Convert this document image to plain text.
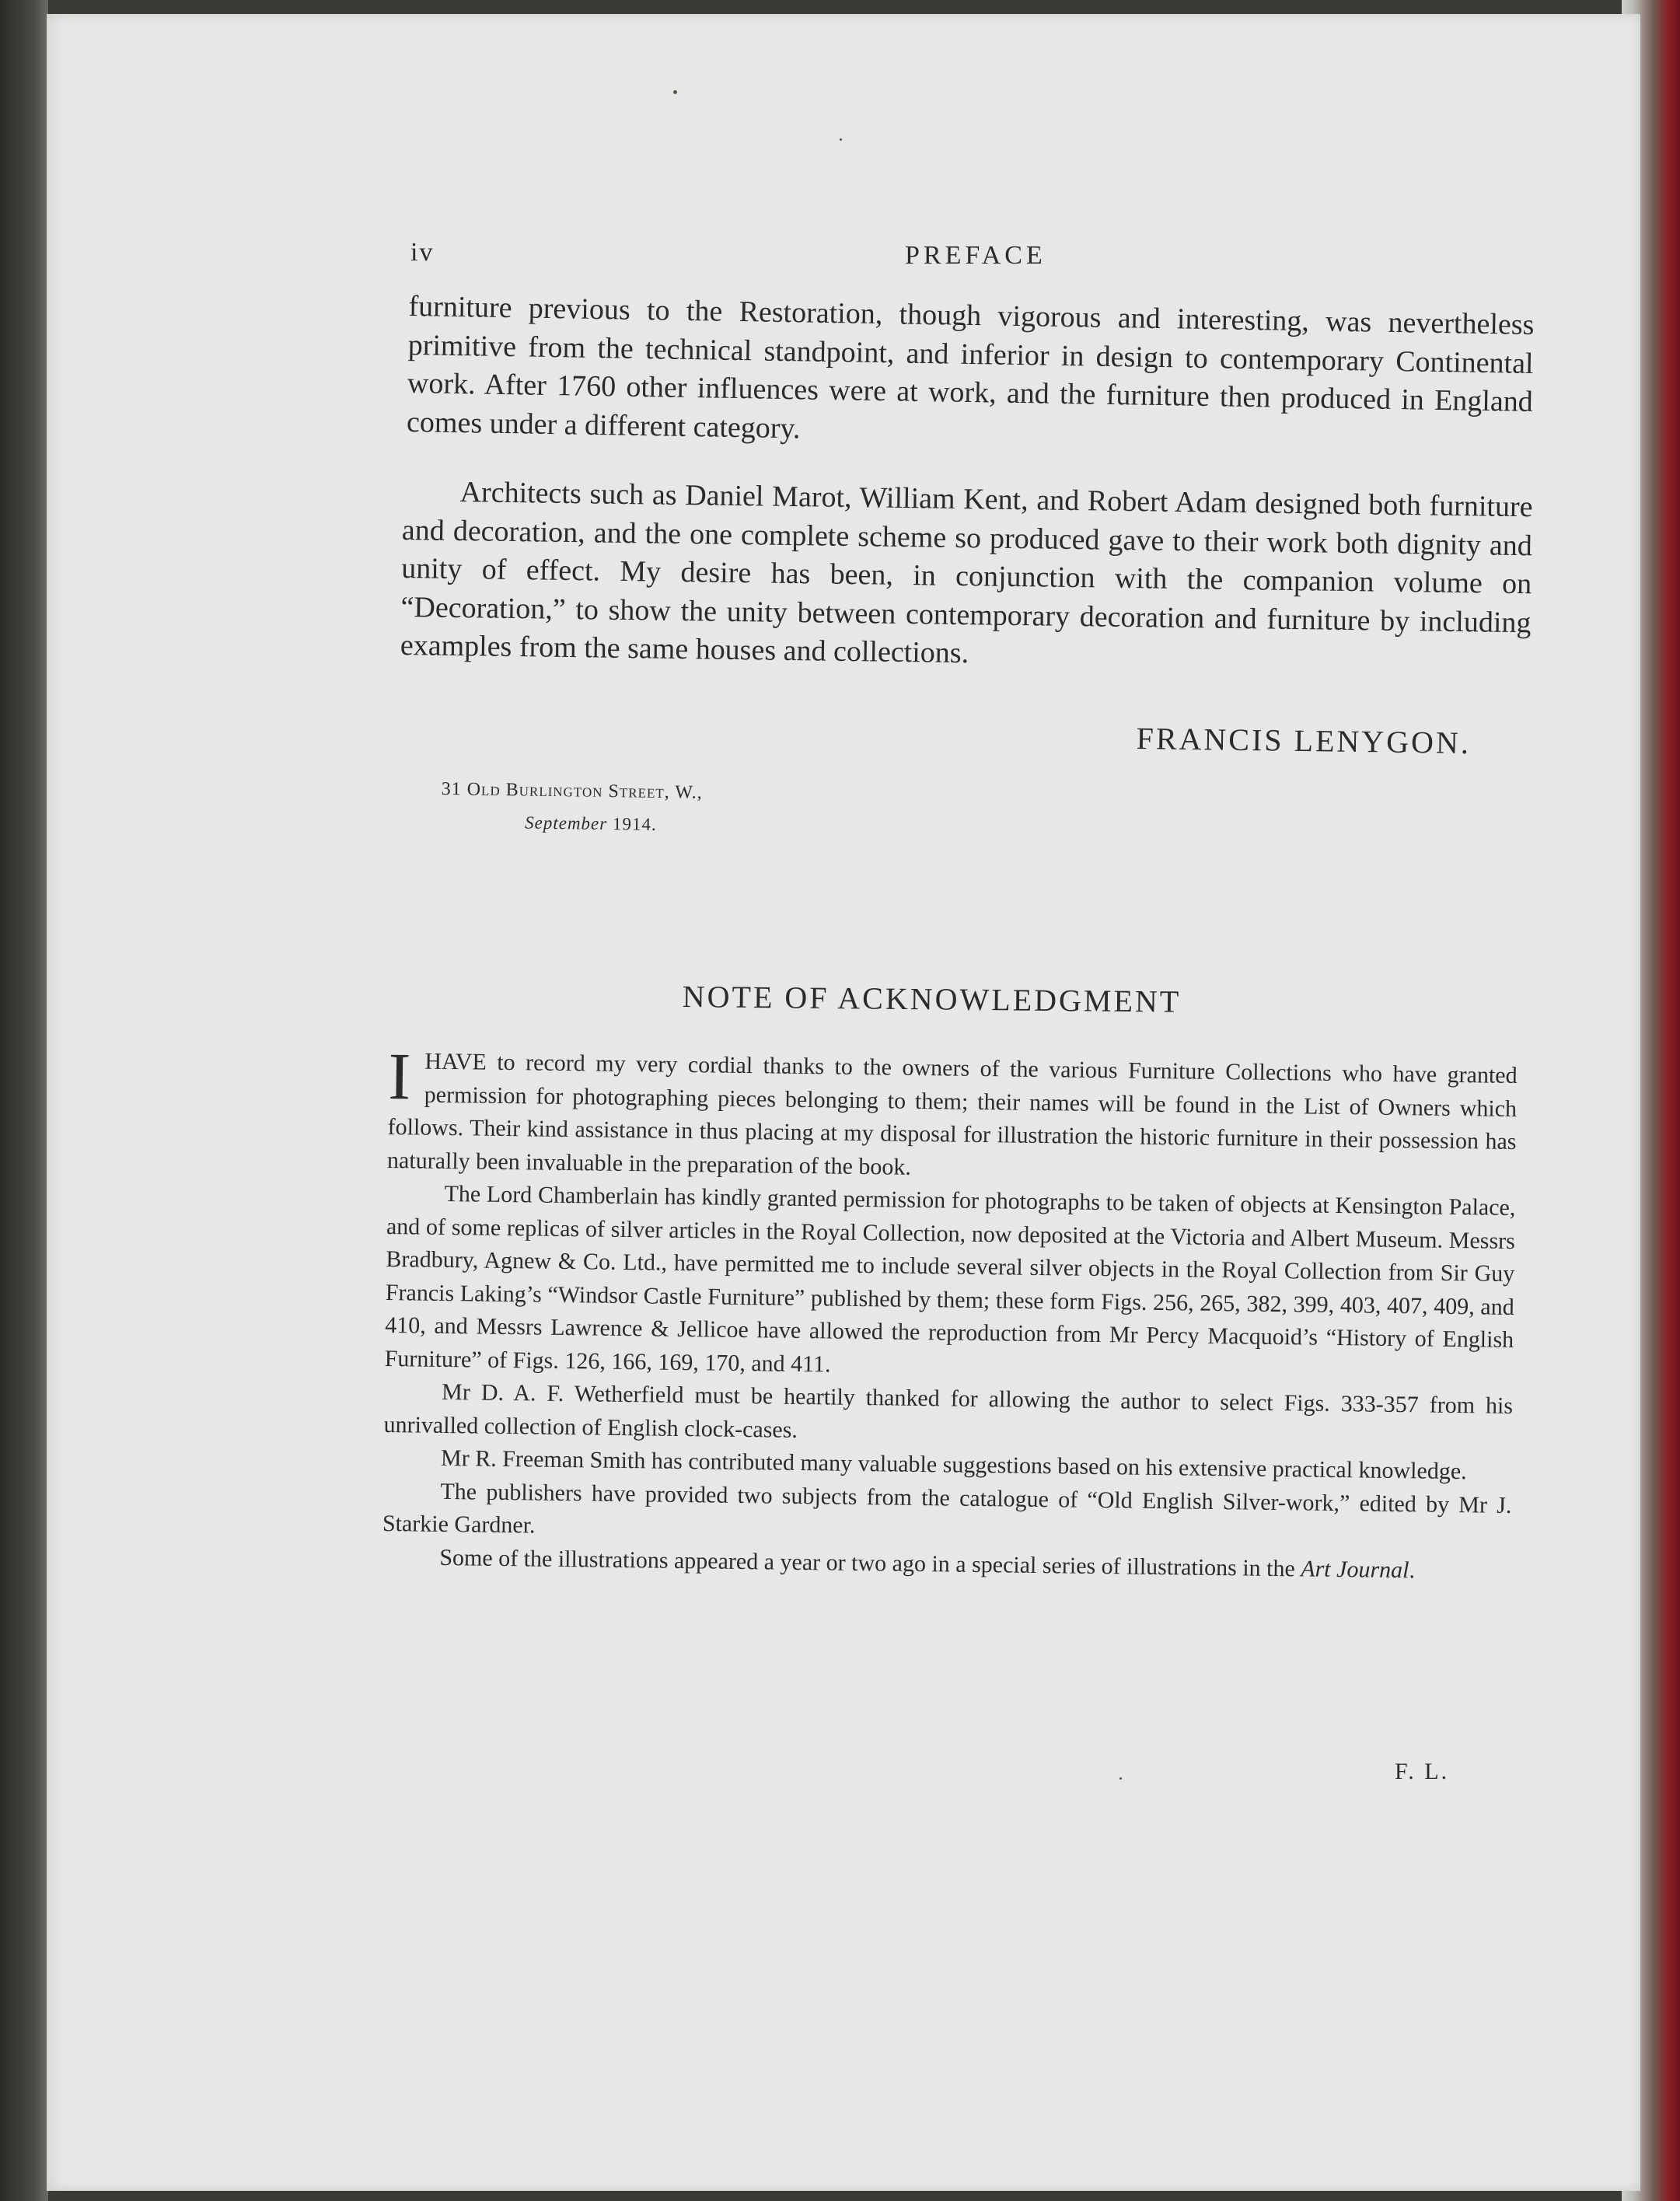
iv	PREFACE

furniture previous to the Restoration, though vigorous and interesting, was nevertheless primitive from the technical standpoint, and inferior in design to contemporary Continental work. After 1760 other influences were at work, and the furniture then produced in England comes under a different category.

Architects such as Daniel Marot, William Kent, and Robert Adam designed both furniture and decoration, and the one complete scheme so produced gave to their work both dignity and unity of effect. My desire has been, in conjunction with the companion volume on “Decoration,” to show the unity between contemporary decoration and furniture by including examples from the same houses and collections.

FRANCIS LENYGON.
31 Old Burlington Street, W.,
September 1914.
NOTE OF ACKNOWLEDGMENT

IHAVE to record my very cordial thanks to the owners of the various Furniture Collections who have granted permission for photographing pieces belonging to them; their names will be found in the List of Owners which follows. Their kind assistance in thus placing at my disposal for illustration the historic furniture in their possession has naturally been invaluable in the preparation of the book.

The Lord Chamberlain has kindly granted permission for photographs to be taken of objects at Kensington Palace, and of some replicas of silver articles in the Royal Collection, now deposited at the Victoria and Albert Museum. Messrs Bradbury, Agnew & Co. Ltd., have permitted me to include several silver objects in the Royal Collection from Sir Guy Francis Laking’s “Windsor Castle Furniture” published by them; these form Figs. 256, 265, 382, 399, 403, 407, 409, and 410, and Messrs Lawrence & Jellicoe have allowed the reproduction from Mr Percy Macquoid’s “History of English Furniture” of Figs. 126, 166, 169, 170, and 411.

Mr D. A. F. Wetherfield must be heartily thanked for allowing the author to select Figs. 333-357 from his unrivalled collection of English clock-cases.

Mr R. Freeman Smith has contributed many valuable suggestions based on his extensive practical knowledge.

The publishers have provided two subjects from the catalogue of “Old English Silver-work,” edited by Mr J. Starkie Gardner.

Some of the illustrations appeared a year or two ago in a special series of illustrations in the Art Journal.

F. L.
